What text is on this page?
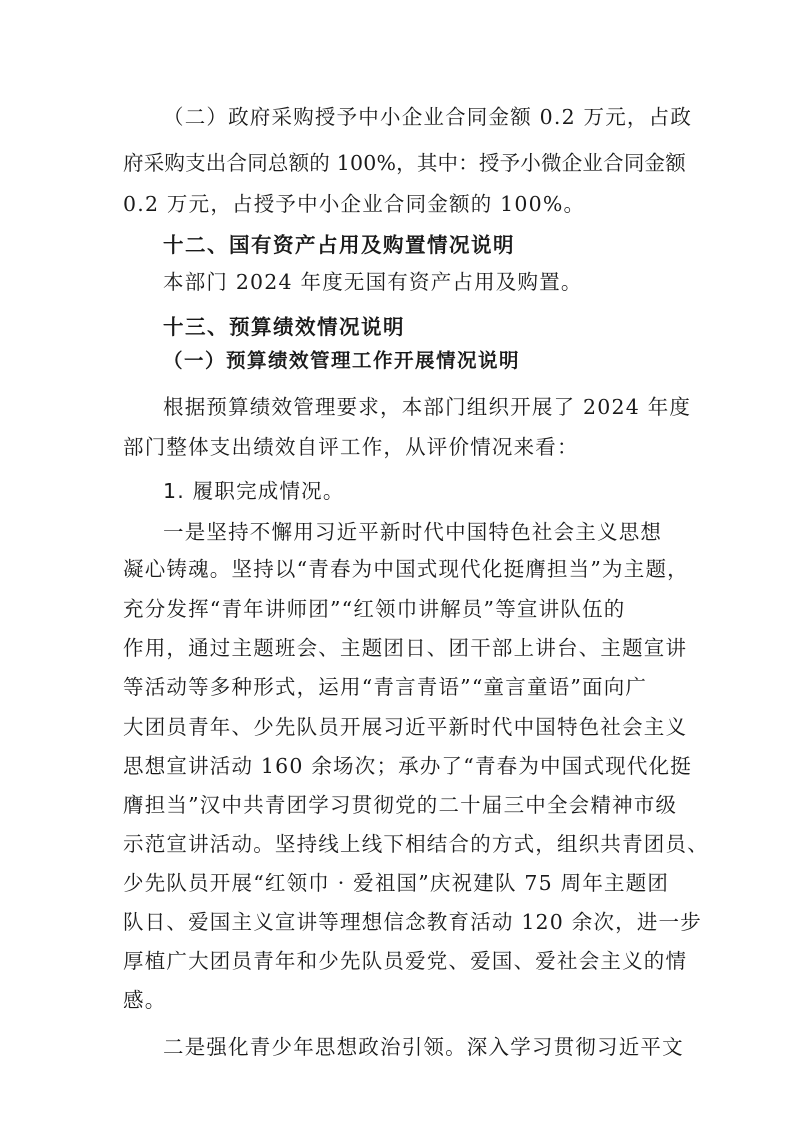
（二）政府采购授予中小企业合同金额 0.2 万元，占政
府采购支出合同总额的 100%，其中：授予小微企业合同金额
0.2 万元，占授予中小企业合同金额的 100%。
十二、国有资产占用及购置情况说明
本部门 2024 年度无国有资产占用及购置。
十三、预算绩效情况说明
（一）预算绩效管理工作开展情况说明
根据预算绩效管理要求，本部门组织开展了 2024 年度
部门整体支出绩效自评工作，从评价情况来看：
1. 履职完成情况。
一是坚持不懈用习近平新时代中国特色社会主义思想
凝心铸魂。坚持以“青春为中国式现代化挺膺担当”为主题，
充分发挥“青年讲师团”“红领巾讲解员”等宣讲队伍的
作用，通过主题班会、主题团日、团干部上讲台、主题宣讲
等活动等多种形式，运用“青言青语”“童言童语”面向广
大团员青年、少先队员开展习近平新时代中国特色社会主义
思想宣讲活动 160 余场次；承办了“青春为中国式现代化挺
膺担当”汉中共青团学习贯彻党的二十届三中全会精神市级
示范宣讲活动。坚持线上线下相结合的方式，组织共青团员、
少先队员开展“红领巾 · 爱祖国”庆祝建队 75 周年主题团
队日、爱国主义宣讲等理想信念教育活动 120 余次，进一步
厚植广大团员青年和少先队员爱党、爱国、爱社会主义的情
感。
二是强化青少年思想政治引领。深入学习贯彻习近平文
